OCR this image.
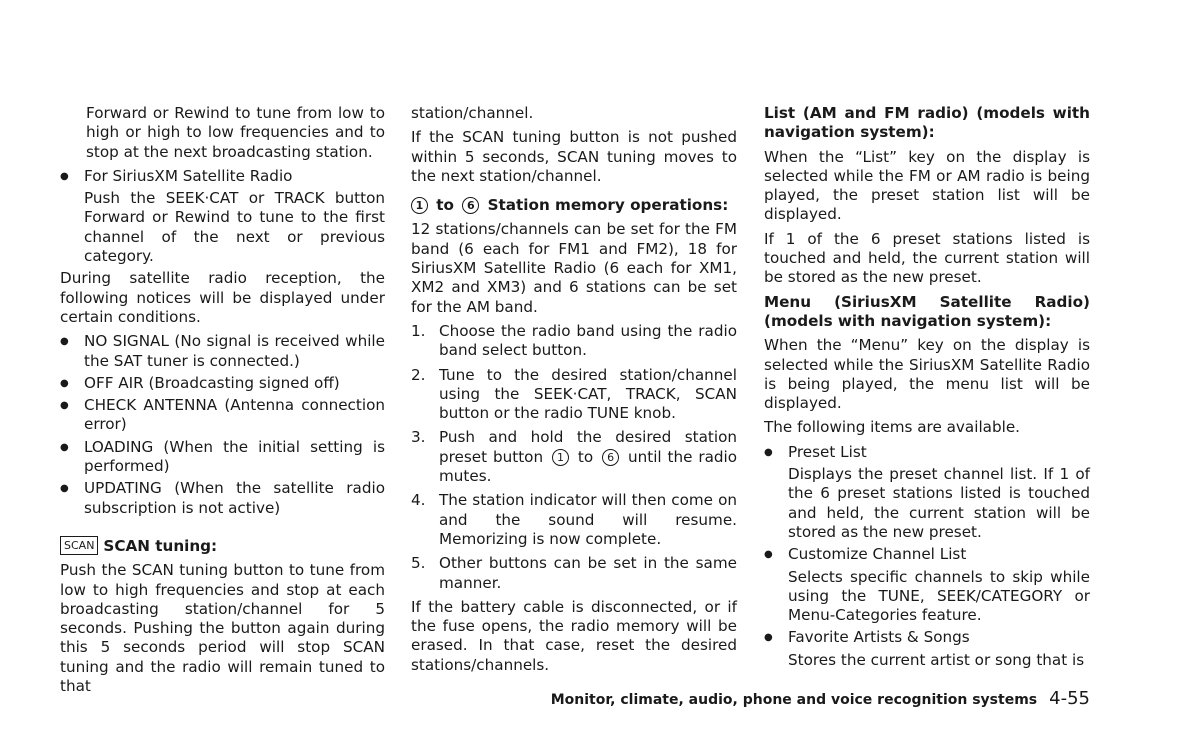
Forward or Rewind to tune from low to high or high to low frequencies and to stop at the next broadcasting station.

● For SiriusXM Satellite Radio
Push the SEEK·CAT or TRACK button Forward or Rewind to tune to the first channel of the next or previous category.

During satellite radio reception, the following notices will be displayed under certain conditions.

● NO SIGNAL (No signal is received while the SAT tuner is connected.)
● OFF AIR (Broadcasting signed off)
● CHECK ANTENNA (Antenna connection error)
● LOADING (When the initial setting is performed)
● UPDATING (When the satellite radio subscription is not active)
SCAN SCAN tuning:

Push the SCAN tuning button to tune from low to high frequencies and stop at each broadcasting station/channel for 5 seconds. Pushing the button again during this 5 seconds period will stop SCAN tuning and the radio will remain tuned to that

station/channel.

If the SCAN tuning button is not pushed within 5 seconds, SCAN tuning moves to the next station/channel.

1 to 6 Station memory operations:

12 stations/channels can be set for the FM band (6 each for FM1 and FM2), 18 for SiriusXM Satellite Radio (6 each for XM1, XM2 and XM3) and 6 stations can be set for the AM band.

1. Choose the radio band using the radio band select button.
2. Tune to the desired station/channel using the SEEK·CAT, TRACK, SCAN button or the radio TUNE knob.
3. Push and hold the desired station preset button 1 to 6 until the radio mutes.
4. The station indicator will then come on and the sound will resume. Memorizing is now complete.
5. Other buttons can be set in the same manner.

If the battery cable is disconnected, or if the fuse opens, the radio memory will be erased. In that case, reset the desired stations/channels.

List (AM and FM radio) (models with navigation system):

When the “List” key on the display is selected while the FM or AM radio is being played, the preset station list will be displayed.

If 1 of the 6 preset stations listed is touched and held, the current station will be stored as the new preset.

Menu (SiriusXM Satellite Radio) (models with navigation system):

When the “Menu” key on the display is selected while the SiriusXM Satellite Radio is being played, the menu list will be displayed.

The following items are available.

● Preset List
Displays the preset channel list. If 1 of the 6 preset stations listed is touched and held, the current station will be stored as the new preset.
● Customize Channel List
Selects specific channels to skip while using the TUNE, SEEK/CATEGORY or Menu-Categories feature.
● Favorite Artists & Songs
Stores the current artist or song that is
Monitor, climate, audio, phone and voice recognition systems 4-55
